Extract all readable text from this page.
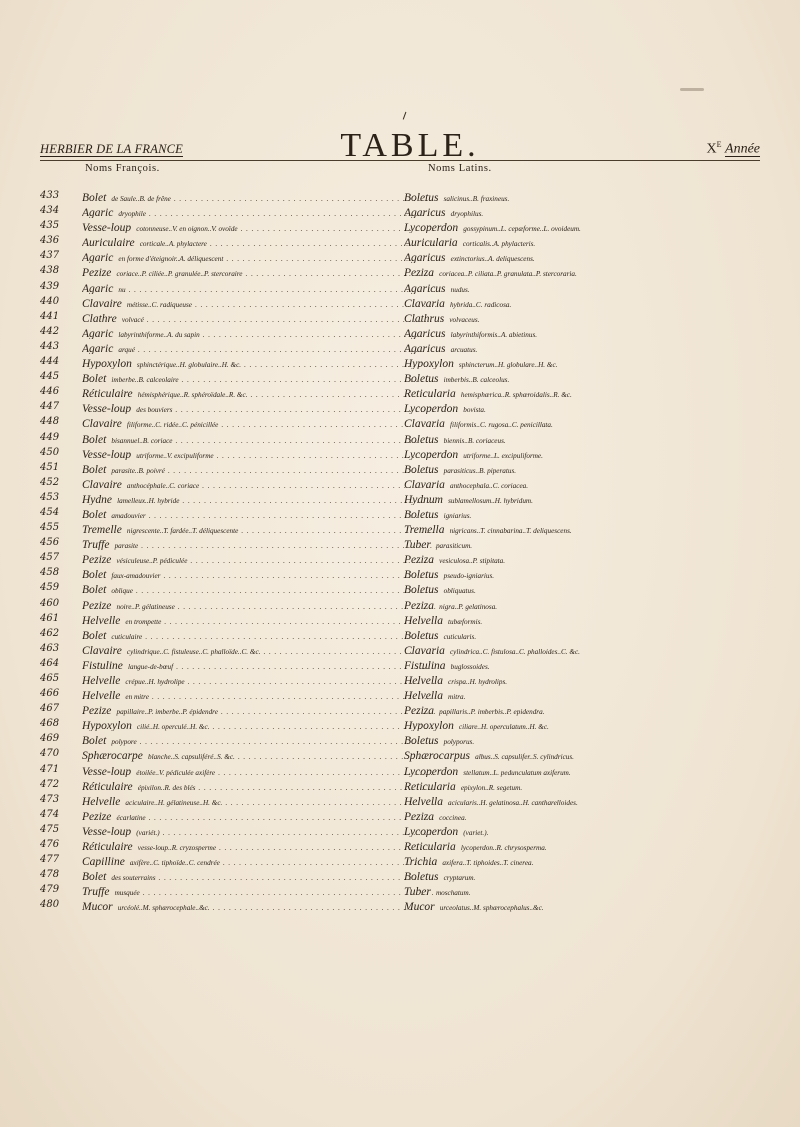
HERBIER DE LA FRANCE	TABLE.	$X^E$ Année
Noms François.	Noms Latins.
433	Bolet de Saule..B. de frêne . . .	Boletus salicinus..B. fraxineus.
434	Agaric dryophile . . .	Agaricus dryophilus.
435	Vesse-loup cotonneuse..V. en oignon..V. ovoïde . . .	Lycoperdon gossypinum..L. cepæforme..L. ovoideum.
436	Auriculaire corticale..A. phylactere . . .	Auricularia corticalis..A. phylacteris.
437	Agaric en forme d'éteignoir..A. déliquescent . . .	Agaricus extinctorius..A. deliquescens.
438	Pezize coriace..P. ciliée..P. granulée..P. stercoraire . . .	Peziza coriacea..P. ciliata..P. granulata..P. stercoraria.
439	Agaric nu . . .	Agaricus nudus.
440	Clavaire métisse..C. radiqueuse . . .	Clavaria hybrida..C. radicosa.
441	Clathre volvacé . . .	Clathrus volvaceus.
442	Agaric labyrinthiforme..A. du sapin . . .	Agaricus labyrinthiformis..A. abietinus.
443	Agaric arqué . . .	Agaricus arcuatus.
444	Hypoxylon sphinctérique..H. globulaire..H. &c. . . .	Hypoxylon sphincterum..H. globulare..H. &c.
445	Bolet imberbe..B. calceolaire . . .	Boletus imberbis..B. calceolus.
446	Réticulaire hémisphérique..R. sphéroïdale..R. &c. . . .	Reticularia hemisphærica..R. sphæroidalis..R. &c.
447	Vesse-loup des bouviers . . .	Lycoperdon bovista.
448	Clavaire filiforme..C. ridée..C. pénicillée . . .	Clavaria filiformis..C. rugosa..C. penicillata.
449	Bolet bisannuel..B. coriace . . .	Boletus biennis..B. coriaceus.
450	Vesse-loup utriforme..V. excipuliforme . . .	Lycoperdon utriforme..L. excipuliforme.
451	Bolet parasite..B. poivré . . .	Boletus parasiticus..B. piperatus.
452	Clavaire anthocéphale..C. coriace . . .	Clavaria anthocephala..C. coriacea.
453	Hydne lamelleux..H. hybride . . .	Hydnum sublamellosum..H. hybridum.
454	Bolet amadouvier . . .	Boletus igniarius.
455	Tremelle nigrescente..T. fardée..T. déliquescente . . .	Tremella nigricans..T. cinnabarina..T. deliquescens.
456	Truffe parasite . . .	Tuber parasiticum.
457	Pezize vésiculeuse..P. pédiculée . . .	Peziza vesiculosa..P. stipitata.
458	Bolet faux-amadouvier . . .	Boletus pseudo-igniarius.
459	Bolet oblique . . .	Boletus obliquatus.
460	Pezize noire..P. gélatineuse . . .	Peziza nigra..P. gelatinosa.
461	Helvelle en trompette . . .	Helvella tubæformis.
462	Bolet cuticulaire . . .	Boletus cuticularis.
463	Clavaire cylindrique..C. fistuleuse..C. phalloïde..C. &c. . . .	Clavaria cylindrica..C. fistulosa..C. phalloides..C. &c.
464	Fistuline langue-de-bœuf . . .	Fistulina buglossoides.
465	Helvelle crépue..H. hydrolipe . . .	Helvella crispa..H. hydrolips.
466	Helvelle en mitre . . .	Helvella mitra.
467	Pezize papillaire..P. imberbe..P. épidendre . . .	Peziza papillaris..P. imberbis..P. epidendra.
468	Hypoxylon cilié..H. operculé..H. &c. . . .	Hypoxylon ciliare..H. operculatum..H. &c.
469	Bolet polypore . . .	Boletus polyporus.
470	Sphærocarpe blanche..S. capsuliféré..S. &c. . . .	Sphærocarpus albus..S. capsulifer..S. cylindricus.
471	Vesse-loup étoilée..V. pédiculée axifère . . .	Lycoperdon stellatum..L. pedunculatum axiferum.
472	Réticulaire épixilon..R. des blés . . .	Reticularia epixylon..R. segetum.
473	Helvelle aciculaire..H. gélatineuse..H. &c. . . .	Helvella acicularis..H. gelatinosa..H. cantharelloides.
474	Pezize écarlatine . . .	Peziza coccinea.
475	Vesse-loup (variét.) . . .	Lycoperdon (variet.).
476	Réticulaire vesse-loup..R. cryzosperme . . .	Reticularia lycoperdon..R. chrysosperma.
477	Capilline axifère..C. tiphoïde..C. cendrée . . .	Trichia axifera..T. tiphoides..T. cinerea.
478	Bolet des souterrains . . .	Boletus cryptarum.
479	Truffe musquée . . .	Tuber moschatum.
480	Mucor urcéolé..M. sphærocephale..&c. . . .	Mucor urceolatus..M. sphærocephalus..&c.
